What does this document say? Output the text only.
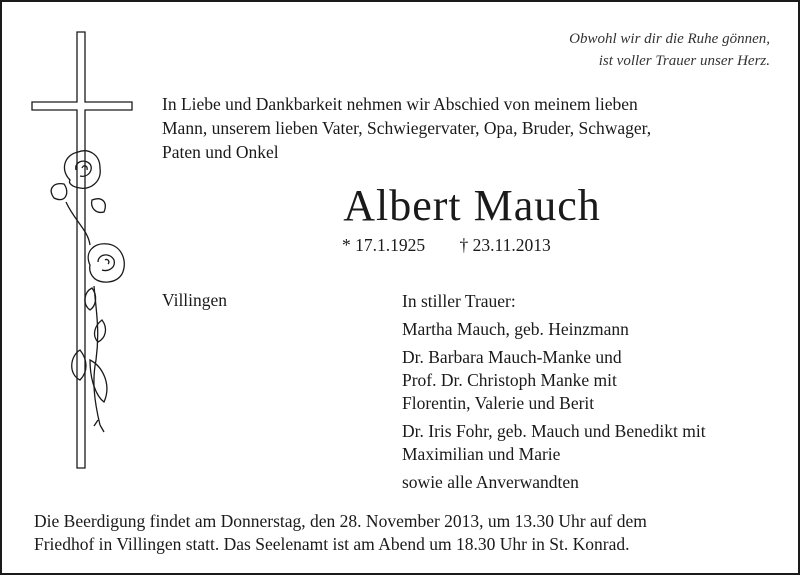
Obwohl wir dir die Ruhe gönnen,
ist voller Trauer unser Herz.
In Liebe und Dankbarkeit nehmen wir Abschied von meinem lieben
Mann, unserem lieben Vater, Schwiegervater, Opa, Bruder, Schwager,
Paten und Onkel
Albert Mauch
* 17.1.1925 † 23.11.2013
Villingen	In stiller Trauer:
Martha Mauch, geb. Heinzmann
Dr. Barbara Mauch-Manke und
Prof. Dr. Christoph Manke mit
Florentin, Valerie und Berit
Dr. Iris Fohr, geb. Mauch und Benedikt mit
Maximilian und Marie
sowie alle Anverwandten
Die Beerdigung findet am Donnerstag, den 28. November 2013, um 13.30 Uhr auf dem
Friedhof in Villingen statt. Das Seelenamt ist am Abend um 18.30 Uhr in St. Konrad.
